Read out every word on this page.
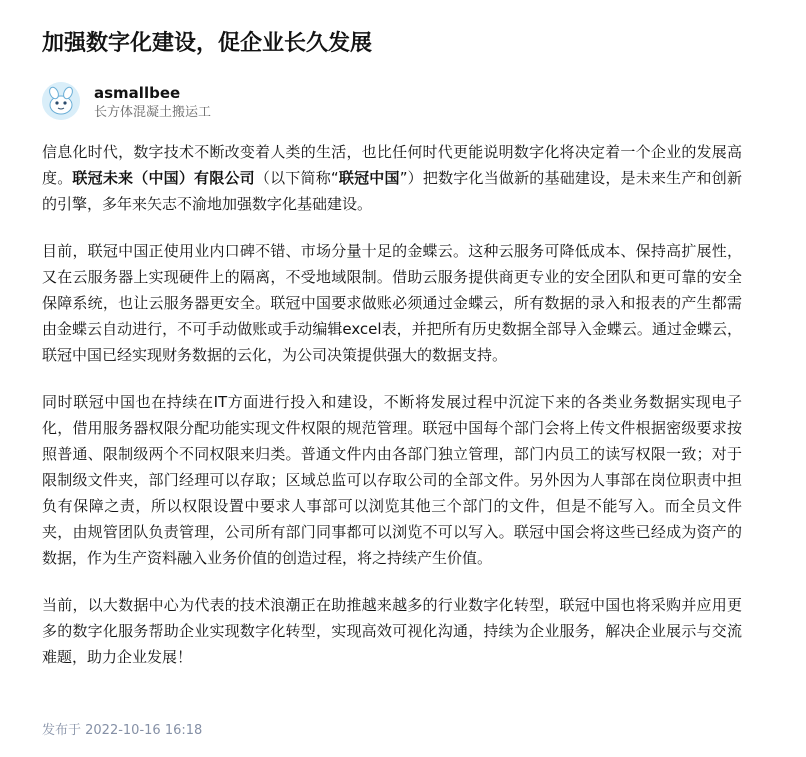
加强数字化建设，促企业长久发展
asmallbee
长方体混凝土搬运工

信息化时代，数字技术不断改变着人类的生活，也比任何时代更能说明数字化将决定着一个企业的发展高度。联冠未来（中国）有限公司（以下简称“联冠中国”）把数字化当做新的基础建设，是未来生产和创新的引擎，多年来矢志不渝地加强数字化基础建设。

目前，联冠中国正使用业内口碑不错、市场分量十足的金蝶云。这种云服务可降低成本、保持高扩展性，又在云服务器上实现硬件上的隔离，不受地域限制。借助云服务提供商更专业的安全团队和更可靠的安全保障系统，也让云服务器更安全。联冠中国要求做账必须通过金蝶云，所有数据的录入和报表的产生都需由金蝶云自动进行，不可手动做账或手动编辑excel表，并把所有历史数据全部导入金蝶云。通过金蝶云，联冠中国已经实现财务数据的云化，为公司决策提供强大的数据支持。

同时联冠中国也在持续在IT方面进行投入和建设，不断将发展过程中沉淀下来的各类业务数据实现电子化，借用服务器权限分配功能实现文件权限的规范管理。联冠中国每个部门会将上传文件根据密级要求按照普通、限制级两个不同权限来归类。普通文件内由各部门独立管理，部门内员工的读写权限一致；对于限制级文件夹，部门经理可以存取；区域总监可以存取公司的全部文件。另外因为人事部在岗位职责中担负有保障之责，所以权限设置中要求人事部可以浏览其他三个部门的文件，但是不能写入。而全员文件夹，由规管团队负责管理，公司所有部门同事都可以浏览不可以写入。联冠中国会将这些已经成为资产的数据，作为生产资料融入业务价值的创造过程，将之持续产生价值。

当前，以大数据中心为代表的技术浪潮正在助推越来越多的行业数字化转型，联冠中国也将采购并应用更多的数字化服务帮助企业实现数字化转型，实现高效可视化沟通，持续为企业服务，解决企业展示与交流难题，助力企业发展！

发布于 2022-10-16 16:18
